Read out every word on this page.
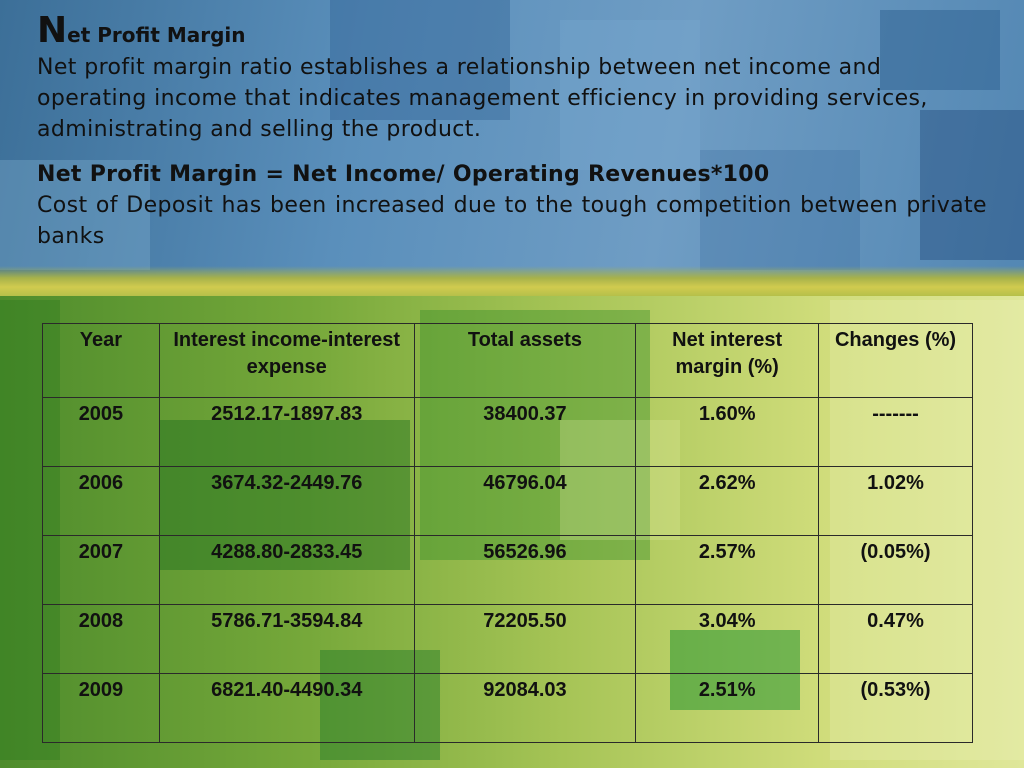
Net Profit Margin

Net profit margin ratio establishes a relationship between net income and operating income that indicates management efficiency in providing services, administrating and selling the product.

Net Profit Margin = Net Income/ Operating Revenues*100

Cost of Deposit has been increased due to the tough competition between private banks

Year	Interest income-interest expense	Total assets	Net interest margin (%)	Changes (%)
2005	2512.17-1897.83	38400.37	1.60%	-------
2006	3674.32-2449.76	46796.04	2.62%	1.02%
2007	4288.80-2833.45	56526.96	2.57%	(0.05%)
2008	5786.71-3594.84	72205.50	3.04%	0.47%
2009	6821.40-4490.34	92084.03	2.51%	(0.53%)
